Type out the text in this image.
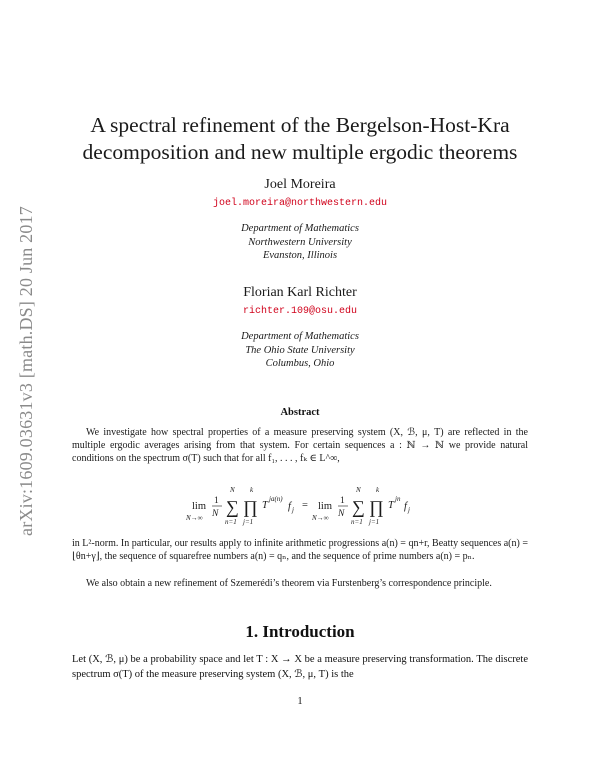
arXiv:1609.03631v3 [math.DS] 20 Jun 2017
A spectral refinement of the Bergelson-Host-Kra
decomposition and new multiple ergodic theorems
Joel Moreira
joel.moreira@northwestern.edu
Department of Mathematics
Northwestern University
Evanston, Illinois
Florian Karl Richter
richter.109@osu.edu
Department of Mathematics
The Ohio State University
Columbus, Ohio
Abstract
We investigate how spectral properties of a measure preserving system (X, ℬ, μ, T) are reflected in the multiple ergodic averages arising from that system. For certain sequences a : ℕ → ℕ we provide natural conditions on the spectrum σ(T) such that for all f₁, . . . , fₖ ∈ L^∞,
lim
N→∞
1
N
N
∑
n=1
k
∏
j=1
T
ja(n)
f j = lim
N→∞
1
N
N
∑
n=1
k
∏
j=1
T
jn
f j
in L²-norm. In particular, our results apply to infinite arithmetic progressions a(n) = qn+r, Beatty sequences a(n) = ⌊θn+γ⌋, the sequence of squarefree numbers a(n) = qₙ, and the sequence of prime numbers a(n) = pₙ.
We also obtain a new refinement of Szemerédi’s theorem via Furstenberg’s correspondence principle.
1. Introduction
Let (X, ℬ, μ) be a probability space and let T : X → X be a measure preserving transformation. The discrete spectrum σ(T) of the measure preserving system (X, ℬ, μ, T) is the
1
